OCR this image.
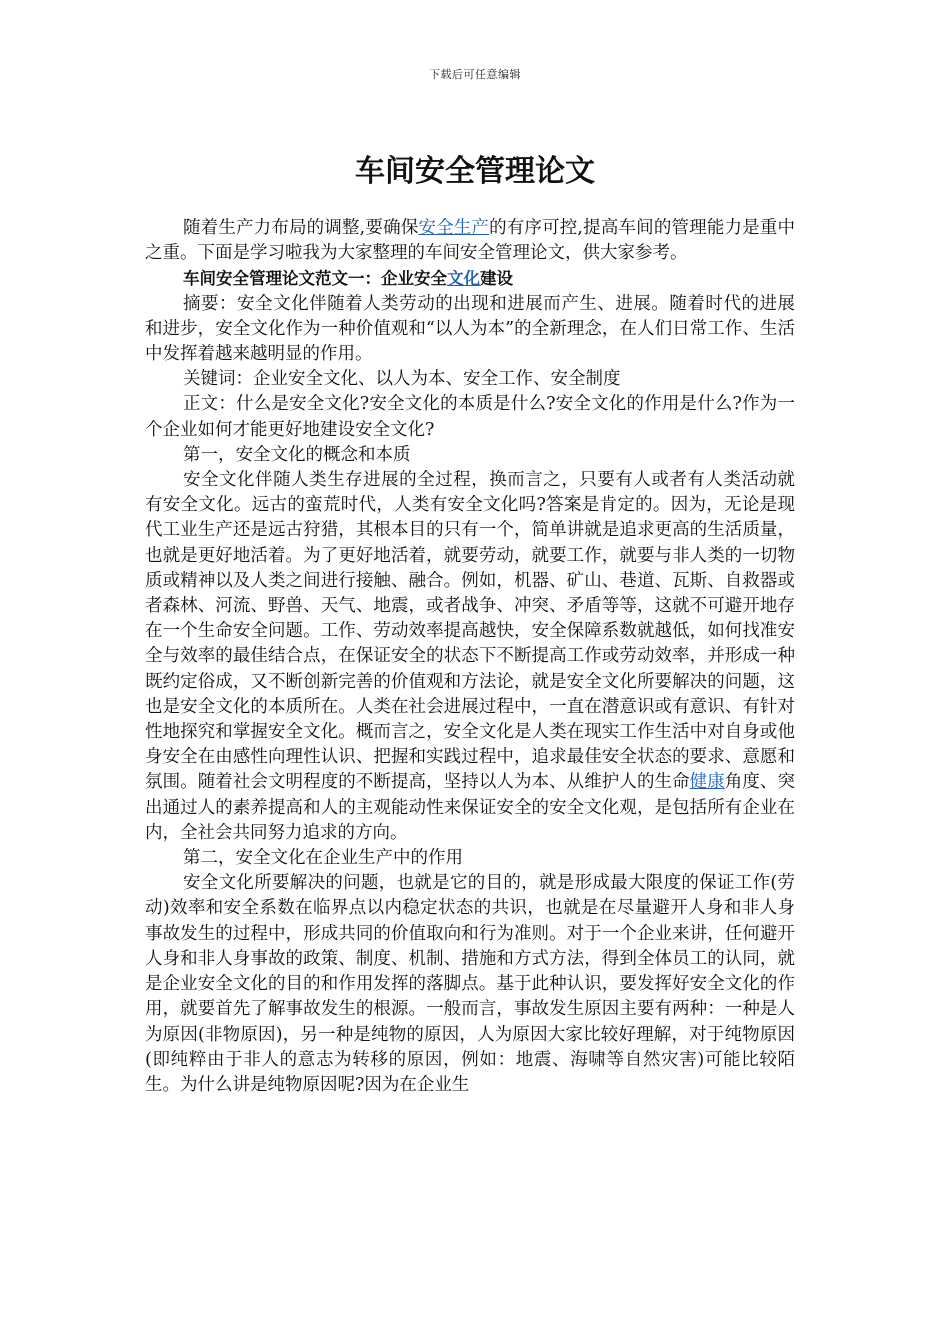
下载后可任意编辑
车间安全管理论文

随着生产力布局的调整,要确保安全生产的有序可控,提高车间的管理能力是重中之重。下面是学习啦我为大家整理的车间安全管理论文，供大家参考。

车间安全管理论文范文一：企业安全文化建设

摘要：安全文化伴随着人类劳动的出现和进展而产生、进展。随着时代的进展和进步，安全文化作为一种价值观和“以人为本”的全新理念，在人们日常工作、生活中发挥着越来越明显的作用。

关键词：企业安全文化、以人为本、安全工作、安全制度

正文：什么是安全文化?安全文化的本质是什么?安全文化的作用是什么?作为一个企业如何才能更好地建设安全文化?

第一，安全文化的概念和本质

安全文化伴随人类生存进展的全过程，换而言之，只要有人或者有人类活动就有安全文化。远古的蛮荒时代，人类有安全文化吗?答案是肯定的。因为，无论是现代工业生产还是远古狩猎，其根本目的只有一个，简单讲就是追求更高的生活质量，也就是更好地活着。为了更好地活着，就要劳动，就要工作，就要与非人类的一切物质或精神以及人类之间进行接触、融合。例如，机器、矿山、巷道、瓦斯、自救器或者森林、河流、野兽、天气、地震，或者战争、冲突、矛盾等等，这就不可避开地存在一个生命安全问题。工作、劳动效率提高越快，安全保障系数就越低，如何找准安全与效率的最佳结合点，在保证安全的状态下不断提高工作或劳动效率，并形成一种既约定俗成，又不断创新完善的价值观和方法论，就是安全文化所要解决的问题，这也是安全文化的本质所在。人类在社会进展过程中，一直在潜意识或有意识、有针对性地探究和掌握安全文化。概而言之，安全文化是人类在现实工作生活中对自身或他身安全在由感性向理性认识、把握和实践过程中，追求最佳安全状态的要求、意愿和氛围。随着社会文明程度的不断提高，坚持以人为本、从维护人的生命健康角度、突出通过人的素养提高和人的主观能动性来保证安全的安全文化观，是包括所有企业在内，全社会共同努力追求的方向。

第二，安全文化在企业生产中的作用

安全文化所要解决的问题，也就是它的目的，就是形成最大限度的保证工作(劳动)效率和安全系数在临界点以内稳定状态的共识，也就是在尽量避开人身和非人身事故发生的过程中，形成共同的价值取向和行为准则。对于一个企业来讲，任何避开人身和非人身事故的政策、制度、机制、措施和方式方法，得到全体员工的认同，就是企业安全文化的目的和作用发挥的落脚点。基于此种认识，要发挥好安全文化的作用，就要首先了解事故发生的根源。一般而言，事故发生原因主要有两种：一种是人为原因(非物原因)，另一种是纯物的原因，人为原因大家比较好理解，对于纯物原因(即纯粹由于非人的意志为转移的原因，例如：地震、海啸等自然灾害)可能比较陌生。为什么讲是纯物原因呢?因为在企业生
